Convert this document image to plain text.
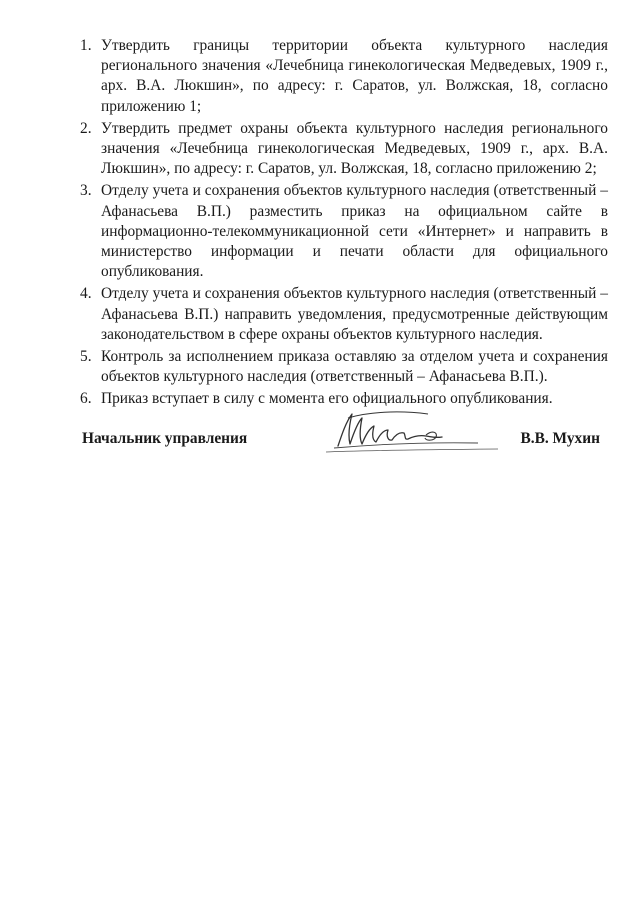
1. Утвердить границы территории объекта культурного наследия регионального значения «Лечебница гинекологическая Медведевых, 1909 г., арх. В.А. Люкшин», по адресу: г. Саратов, ул. Волжская, 18, согласно приложению 1;
2. Утвердить предмет охраны объекта культурного наследия регионального значения «Лечебница гинекологическая Медведевых, 1909 г., арх. В.А. Люкшин», по адресу: г. Саратов, ул. Волжская, 18, согласно приложению 2;
3. Отделу учета и сохранения объектов культурного наследия (ответственный – Афанасьева В.П.) разместить приказ на официальном сайте в информационно-телекоммуникационной сети «Интернет» и направить в министерство информации и печати области для официального опубликования.
4. Отделу учета и сохранения объектов культурного наследия (ответственный – Афанасьева В.П.) направить уведомления, предусмотренные действующим законодательством в сфере охраны объектов культурного наследия.
5. Контроль за исполнением приказа оставляю за отделом учета и сохранения объектов культурного наследия (ответственный – Афанасьева В.П.).
6. Приказ вступает в силу с момента его официального опубликования.
Начальник управления	В.В. Мухин
